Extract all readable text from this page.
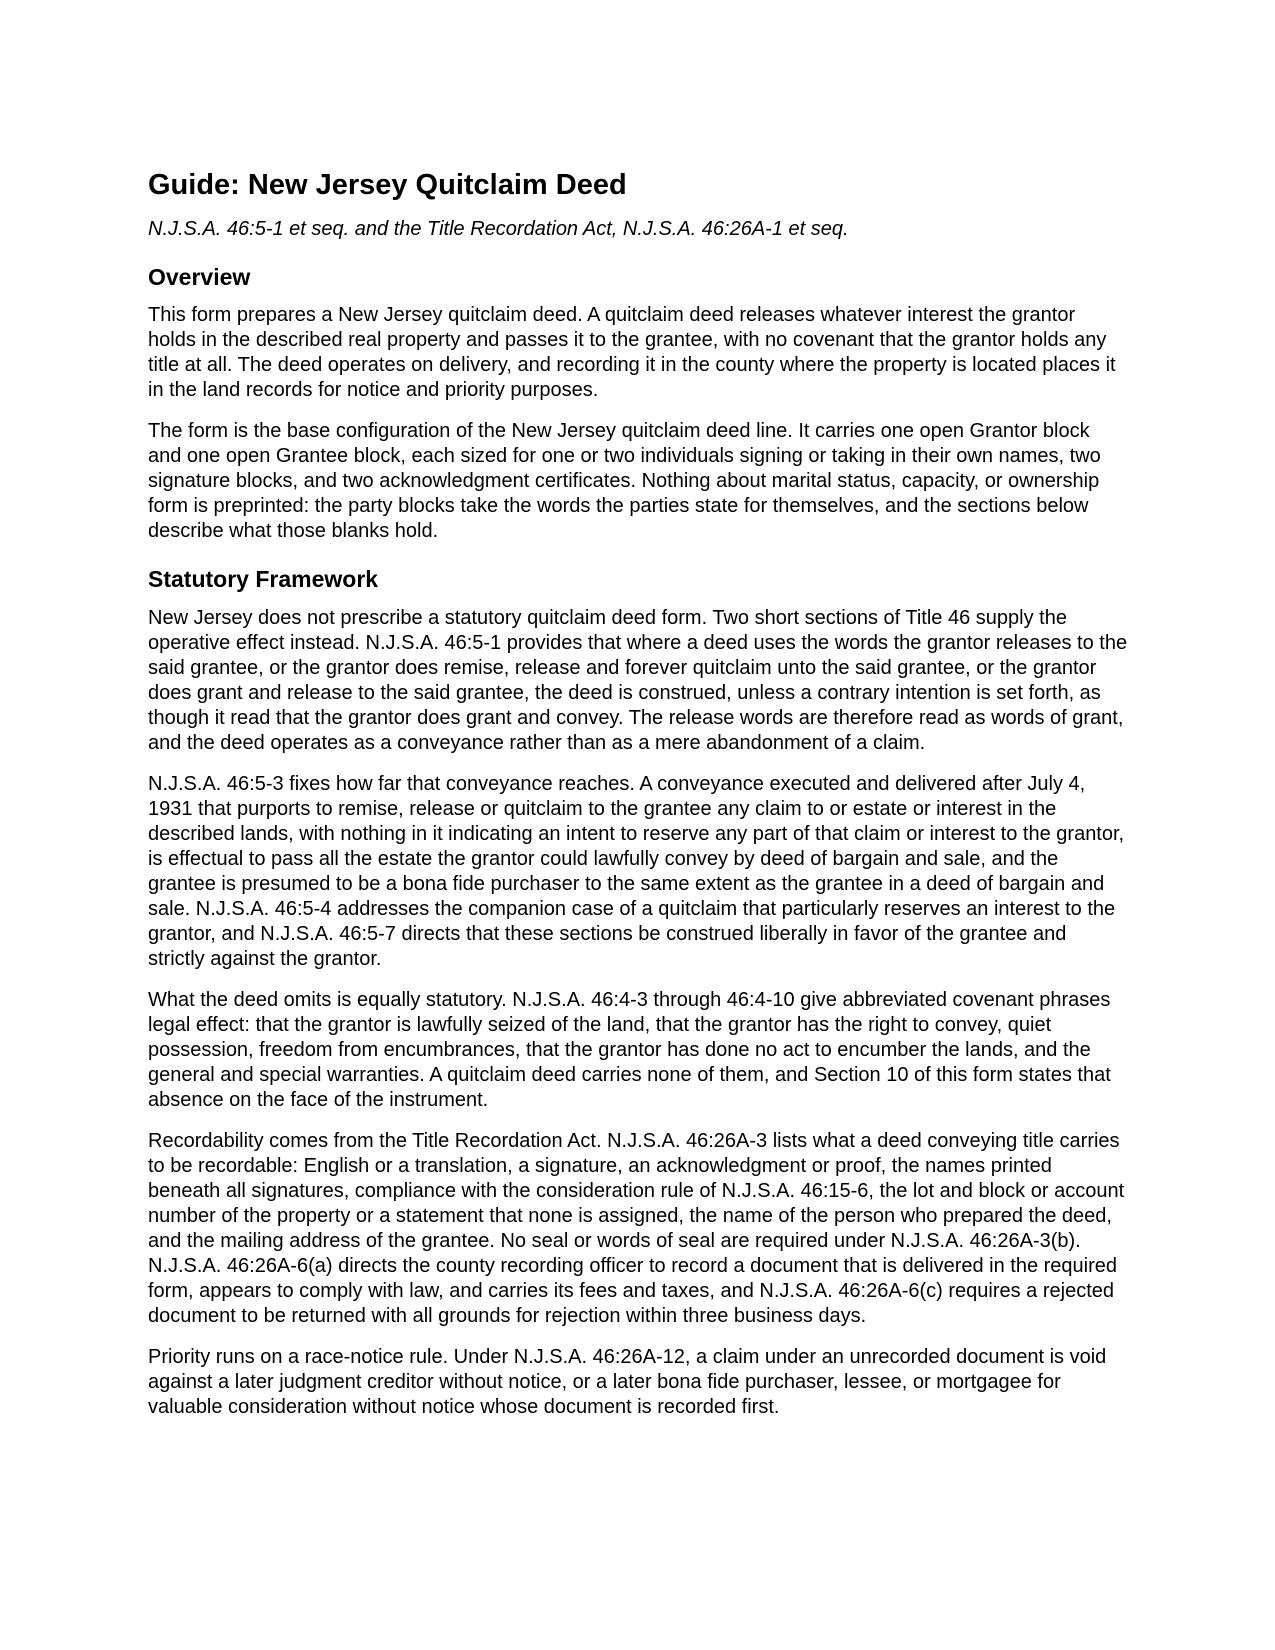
Guide: New Jersey Quitclaim Deed

N.J.S.A. 46:5-1 et seq. and the Title Recordation Act, N.J.S.A. 46:26A-1 et seq.

Overview

This form prepares a New Jersey quitclaim deed. A quitclaim deed releases whatever interest the grantor holds in the described real property and passes it to the grantee, with no covenant that the grantor holds any title at all. The deed operates on delivery, and recording it in the county where the property is located places it in the land records for notice and priority purposes.

The form is the base configuration of the New Jersey quitclaim deed line. It carries one open Grantor block and one open Grantee block, each sized for one or two individuals signing or taking in their own names, two signature blocks, and two acknowledgment certificates. Nothing about marital status, capacity, or ownership form is preprinted: the party blocks take the words the parties state for themselves, and the sections below describe what those blanks hold.

Statutory Framework

New Jersey does not prescribe a statutory quitclaim deed form. Two short sections of Title 46 supply the operative effect instead. N.J.S.A. 46:5-1 provides that where a deed uses the words the grantor releases to the said grantee, or the grantor does remise, release and forever quitclaim unto the said grantee, or the grantor does grant and release to the said grantee, the deed is construed, unless a contrary intention is set forth, as though it read that the grantor does grant and convey. The release words are therefore read as words of grant, and the deed operates as a conveyance rather than as a mere abandonment of a claim.

N.J.S.A. 46:5-3 fixes how far that conveyance reaches. A conveyance executed and delivered after July 4, 1931 that purports to remise, release or quitclaim to the grantee any claim to or estate or interest in the described lands, with nothing in it indicating an intent to reserve any part of that claim or interest to the grantor, is effectual to pass all the estate the grantor could lawfully convey by deed of bargain and sale, and the grantee is presumed to be a bona fide purchaser to the same extent as the grantee in a deed of bargain and sale. N.J.S.A. 46:5-4 addresses the companion case of a quitclaim that particularly reserves an interest to the grantor, and N.J.S.A. 46:5-7 directs that these sections be construed liberally in favor of the grantee and strictly against the grantor.

What the deed omits is equally statutory. N.J.S.A. 46:4-3 through 46:4-10 give abbreviated covenant phrases legal effect: that the grantor is lawfully seized of the land, that the grantor has the right to convey, quiet possession, freedom from encumbrances, that the grantor has done no act to encumber the lands, and the general and special warranties. A quitclaim deed carries none of them, and Section 10 of this form states that absence on the face of the instrument.

Recordability comes from the Title Recordation Act. N.J.S.A. 46:26A-3 lists what a deed conveying title carries to be recordable: English or a translation, a signature, an acknowledgment or proof, the names printed beneath all signatures, compliance with the consideration rule of N.J.S.A. 46:15-6, the lot and block or account number of the property or a statement that none is assigned, the name of the person who prepared the deed, and the mailing address of the grantee. No seal or words of seal are required under N.J.S.A. 46:26A-3(b). N.J.S.A. 46:26A-6(a) directs the county recording officer to record a document that is delivered in the required form, appears to comply with law, and carries its fees and taxes, and N.J.S.A. 46:26A-6(c) requires a rejected document to be returned with all grounds for rejection within three business days.

Priority runs on a race-notice rule. Under N.J.S.A. 46:26A-12, a claim under an unrecorded document is void against a later judgment creditor without notice, or a later bona fide purchaser, lessee, or mortgagee for valuable consideration without notice whose document is recorded first.
